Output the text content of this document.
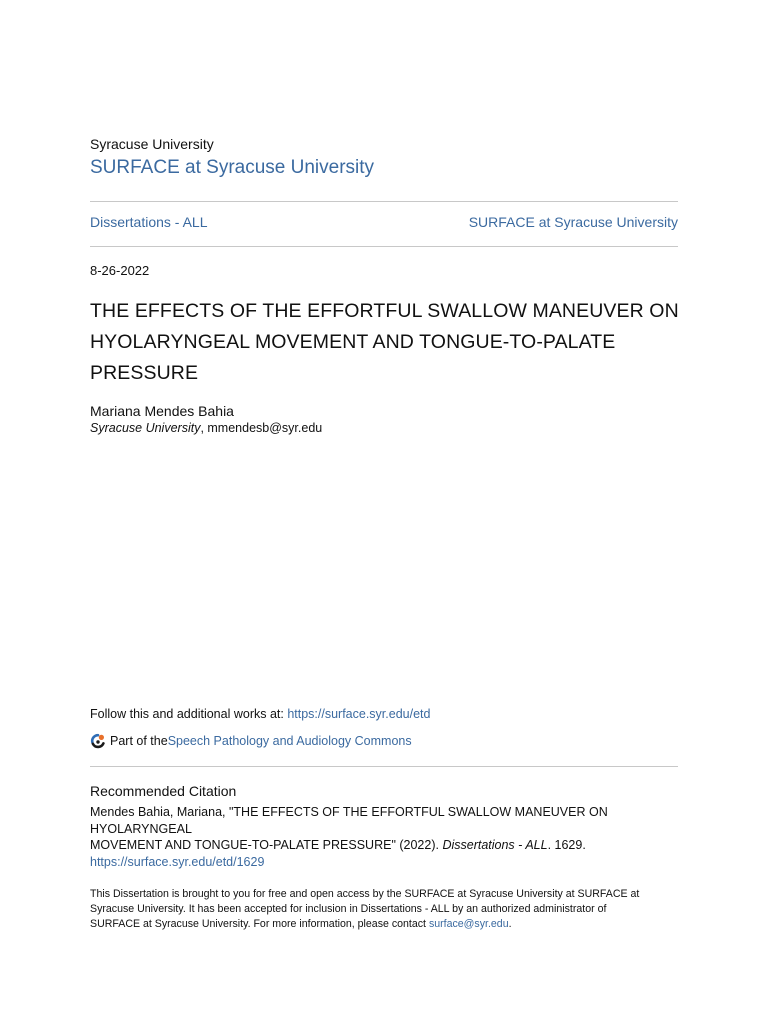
Syracuse University
SURFACE at Syracuse University
Dissertations - ALL	SURFACE at Syracuse University
8-26-2022
THE EFFECTS OF THE EFFORTFUL SWALLOW MANEUVER ON
HYOLARYNGEAL MOVEMENT AND TONGUE-TO-PALATE
PRESSURE
Mariana Mendes Bahia
Syracuse University, mmendesb@syr.edu
Follow this and additional works at: https://surface.syr.edu/etd
Part of the Speech Pathology and Audiology Commons
Recommended Citation
Mendes Bahia, Mariana, "THE EFFECTS OF THE EFFORTFUL SWALLOW MANEUVER ON HYOLARYNGEAL
MOVEMENT AND TONGUE-TO-PALATE PRESSURE" (2022). Dissertations - ALL. 1629.
https://surface.syr.edu/etd/1629
This Dissertation is brought to you for free and open access by the SURFACE at Syracuse University at SURFACE at
Syracuse University. It has been accepted for inclusion in Dissertations - ALL by an authorized administrator of
SURFACE at Syracuse University. For more information, please contact surface@syr.edu.
